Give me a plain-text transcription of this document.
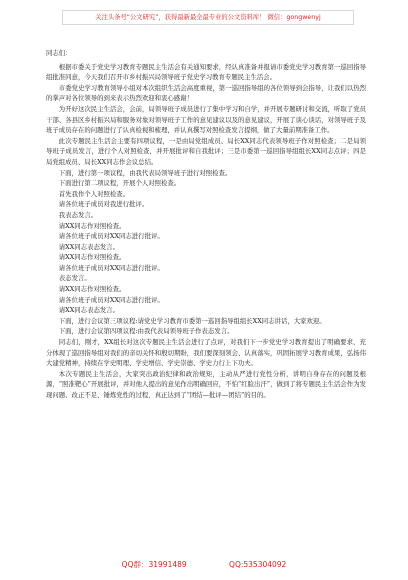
关注头条号“公文研究”，获得最新最全最专业的公文资料库！ 微信：gongwenyj

同志们：

根据市委关于党史学习教育专题民主生活会有关通知要求，经认真准备并报请市委党史学习教育第一巡回指导组批准同意，今天我们召开市乡村振兴局领导班子党史学习教育专题民主生活会。

市委党史学习教育领导小组对本次组织生活会高度重视，第一巡回指导组的各位领导到会指导，让我们以热烈的掌声对各位领导的到来表示热烈欢迎和衷心感谢！

为开好这次民主生活会，会前，局领导班子成员进行了集中学习和自学，并开展专题研讨和交流，听取了党员干部、各县区乡村振兴局和服务对象对领导班子工作的意见建议以及的意见建议，开展了谈心谈话，对领导班子及班子成员存在的问题进行了认真检视和梳理，并认真撰写对照检查发言提纲，做了大量前期准备工作。

此次专题民主生活会主要有四项议程，一是由局党组成员、局长XX同志代表领导班子作对照检查；二是局领导班子成员发言，进行个人对照检查，并开展批评和自我批评；三是市委第一巡回指导组组长XX同志点评；四是局党组成员、局长XX同志作会议总结。

下面，进行第一项议程，由我代表局领导班子进行对照检查。

下面进行第二项议程，开展个人对照检查。

首先我作个人对照检查。

请各位班子成员对我进行批评。

我表态发言。

请XX同志作对照检查。

请各位班子成员对XX同志进行批评。

请XX同志表态发言。

请XX同志作对照检查。

请各位班子成员对XX同志进行批评。

表态发言。

请XX同志作对照检查。

请各位班子成员对XX同志进行批评。

请XX同志表态发言。

下面，进行会议第三项议程:请党史学习教育市委第一巡回指导组组长XX同志讲话，大家欢迎。

下面，进行会议第四项议程:由我代表局领导班子作表态发言。

同志们，刚才，XX组长对这次专题民主生活会进行了点评，对我们下一步党史学习教育提出了明确要求，充分体现了巡回指导组对我们的亲切关怀和殷切期盼，我们要深刻领会、认真落实，巩固拓展学习教育成果，弘扬伟大建党精神，持续在学史明理、学史增信、学史崇德、学史力行上下功夫。

本次专题民主生活会，大家突出政治纪律和政治规矩，主动从严进行党性分析，讲明自身存在的问题及根源，“照准靶心”开展批评，并对他人提出的意见作出明确回应，不怕“红脸出汗”，做到了将专题民主生活会作为发现问题、改正不足、锤炼党性的过程，真正达到了“团结—批评—团结”的目的。

QQ群：31991489	QQ:535304092
